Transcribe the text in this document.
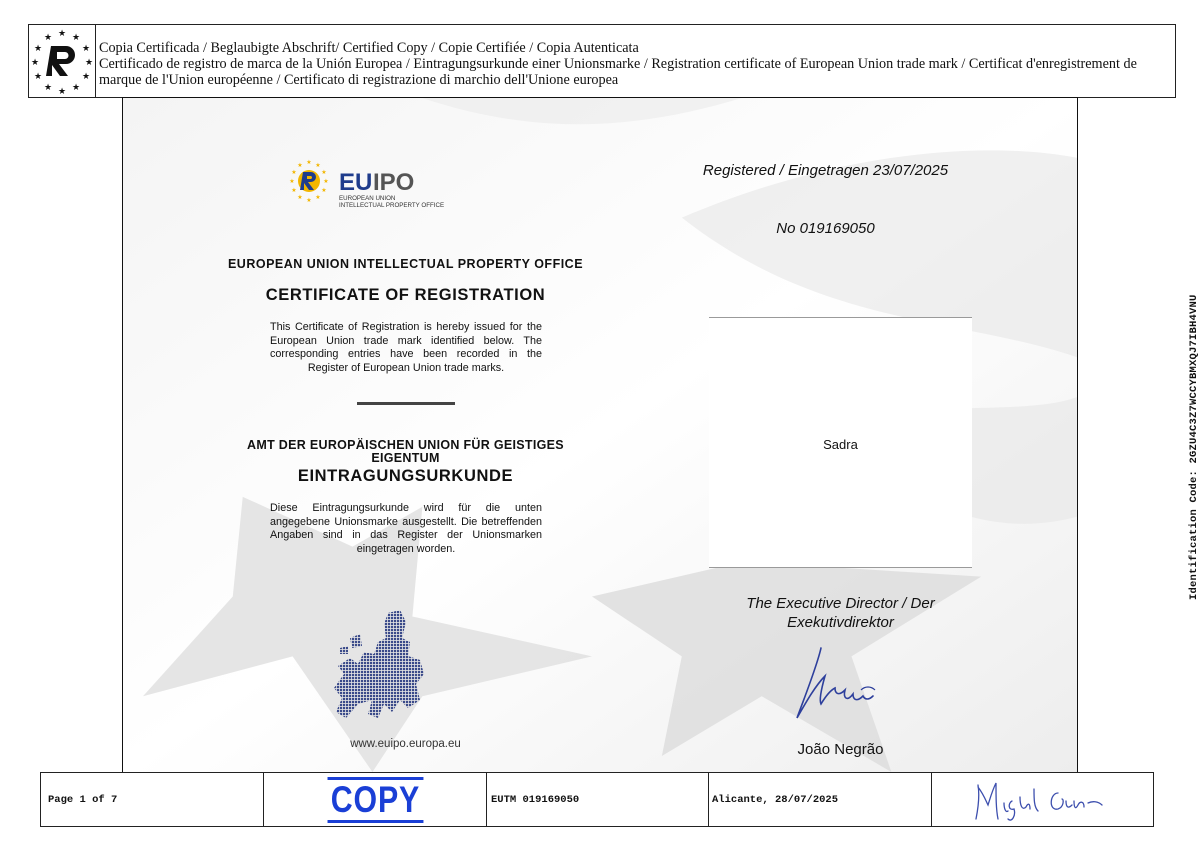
★ ★
★
★
★
★
★
★
★
★
★
★
Copia Certificada / Beglaubigte Abschrift/ Certified Copy / Copie Certifiée / Copia Autenticata
Certificado de registro de marca de la Unión Europea / Eintragungsurkunde einer Unionsmarke / Registration certificate of European Union trade mark / Certificat d'enregistrement de marque de l'Union européenne / Certificato di registrazione di marchio dell'Unione europea
★ ★
★
★
★
★
★
★
★
★
★
★
EU IPO
EUROPEAN UNION
INTELLECTUAL PROPERTY OFFICE
EUROPEAN UNION INTELLECTUAL PROPERTY OFFICE
CERTIFICATE OF REGISTRATION
This Certificate of Registration is hereby issued for the European Union trade mark identified below. The corresponding entries have been recorded in the Register of European Union trade marks.
AMT DER EUROPÄISCHEN UNION FÜR GEISTIGES EIGENTUM
EINTRAGUNGSURKUNDE
Diese Eintragungsurkunde wird für die unten angegebene Unionsmarke ausgestellt. Die betreffenden Angaben sind in das Register der Unionsmarken eingetragen worden.
www.euipo.europa.eu
Registered / Eingetragen 23/07/2025
No 019169050
Sadra
The Executive Director / Der
Exekutivdirektor
João Negrão
Identification Code: 2GZU4C3Z7WCCYBMXQJ7IBH4VNU
Page 1 of 7	COPY	EUTM 019169050	Alicante, 28/07/2025
